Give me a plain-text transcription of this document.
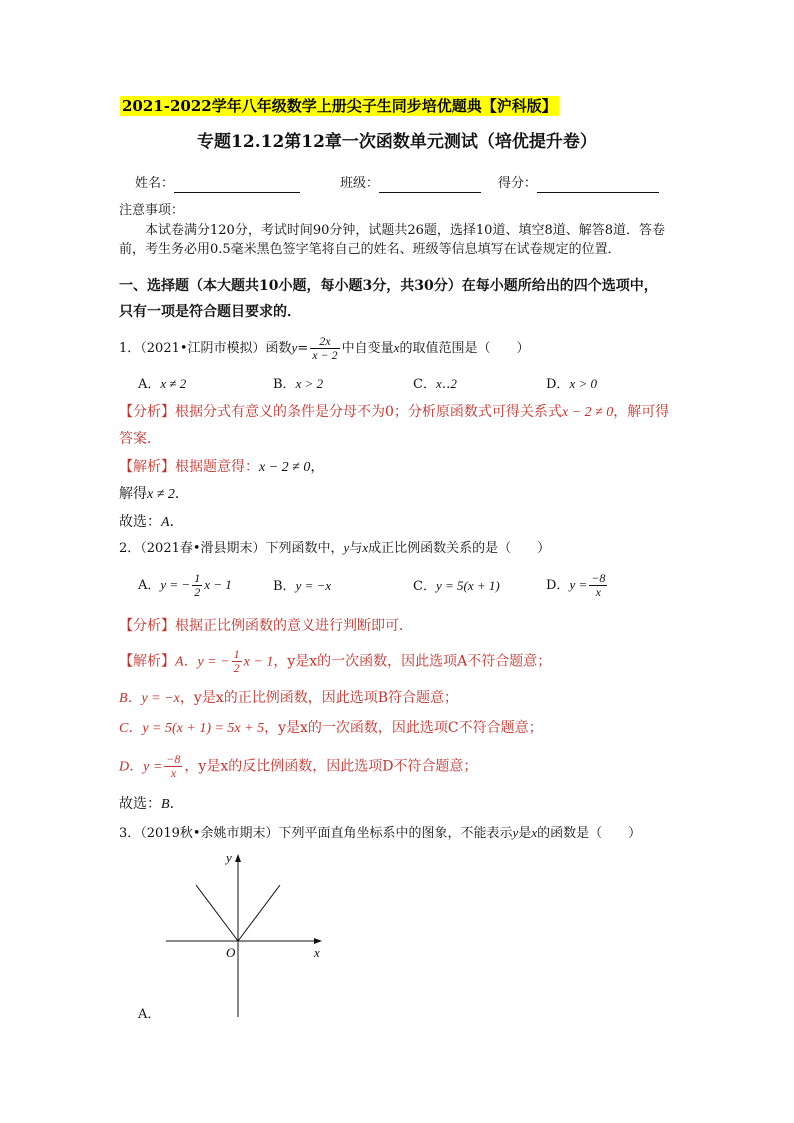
2021-2022学年八年级数学上册尖子生同步培优题典【沪科版】
专题12.12第12章一次函数单元测试（培优提升卷）
姓名：	班级：	得分：
注意事项：
本试卷满分120分，考试时间90分钟，试题共26题，选择10道、填空8道、解答8道．答卷前，考生务必用0.5毫米黑色签字笔将自己的姓名、班级等信息填写在试卷规定的位置．
一、选择题（本大题共10小题，每小题3分，共30分）在每小题所给出的四个选项中，
只有一项是符合题目要求的．
1．（2021•江阴市模拟）函数$y= \frac{2x}{x - 2}$ 中自变量x的取值范围是（　　）
A．x ≠ 2	B．x > 2	C．x‥2	D．x > 0
【分析】根据分式有意义的条件是分母不为0；分析原函数式可得关系式x − 2 ≠ 0，解可得
答案．
【解析】根据题意得：x − 2 ≠ 0，
解得x ≠ 2．
故选：A．
2．（2021春•滑县期末）下列函数中，y与x成正比例函数关系的是（　　）
A．y = − $\frac{1}{2}$ x − 1	B．y = −x	C．y = 5(x + 1)	D．$y = \frac{-8}{x}$
【分析】根据正比例函数的意义进行判断即可．
【解析】A．y = − $\frac{1}{2}$ x − 1，y是x的一次函数，因此选项A不符合题意；
B．y = −x，y是x的正比例函数，因此选项B符合题意；
C．y = 5(x + 1) = 5x + 5，y是x的一次函数，因此选项C不符合题意；
D．$y = \frac{-8}{x}$ ，y是x的反比例函数，因此选项D不符合题意；
故选：B．
3．（2019秋•余姚市期末）下列平面直角坐标系中的图象，不能表示y是x的函数是（　　）
y
x
O
A．
